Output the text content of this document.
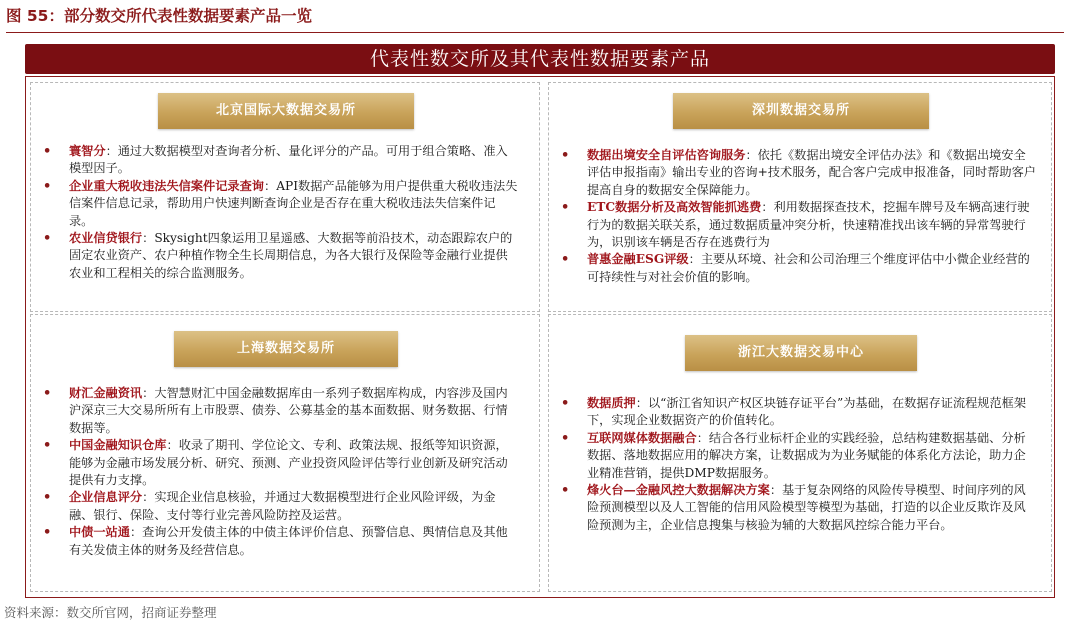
图 55：部分数交所代表性数据要素产品一览
代表性数交所及其代表性数据要素产品
北京国际大数据交易所
• 寰智分：通过大数据模型对查询者分析、量化评分的产品。可用于组合策略、准入模型因子。
• 企业重大税收违法失信案件记录查询：API数据产品能够为用户提供重大税收违法失信案件信息记录，帮助用户快速判断查询企业是否存在重大税收违法失信案件记录。
• 农业信贷银行：Skysight四象运用卫星遥感、大数据等前沿技术，动态跟踪农户的固定农业资产、农户种植作物全生长周期信息，为各大银行及保险等金融行业提供农业和工程相关的综合监测服务。
深圳数据交易所
• 数据出境安全自评估咨询服务：依托《数据出境安全评估办法》和《数据出境安全评估申报指南》输出专业的咨询+技术服务，配合客户完成申报准备，同时帮助客户提高自身的数据安全保障能力。
• ETC数据分析及高效智能抓逃费：利用数据探查技术，挖掘车牌号及车辆高速行驶行为的数据关联关系，通过数据质量冲突分析，快速精准找出该车辆的异常驾驶行为，识别该车辆是否存在逃费行为
• 普惠金融ESG评级：主要从环境、社会和公司治理三个维度评估中小微企业经营的可持续性与对社会价值的影响。
上海数据交易所
• 财汇金融资讯：大智慧财汇中国金融数据库由一系列子数据库构成，内容涉及国内沪深京三大交易所所有上市股票、债券、公募基金的基本面数据、财务数据、行情数据等。
• 中国金融知识仓库：收录了期刊、学位论文、专利、政策法规、报纸等知识资源，能够为金融市场发展分析、研究、预测、产业投资风险评估等行业创新及研究活动提供有力支撑。
• 企业信息评分：实现企业信息核验，并通过大数据模型进行企业风险评级，为金融、银行、保险、支付等行业完善风险防控及运营。
• 中债一站通：查询公开发债主体的中债主体评价信息、预警信息、舆情信息及其他有关发债主体的财务及经营信息。
浙江大数据交易中心
• 数据质押：以“浙江省知识产权区块链存证平台”为基础，在数据存证流程规范框架下，实现企业数据资产的价值转化。
• 互联网媒体数据融合：结合各行业标杆企业的实践经验，总结构建数据基础、分析数据、落地数据应用的解决方案，让数据成为为业务赋能的体系化方法论，助力企业精准营销，提供DMP数据服务。
• 烽火台—金融风控大数据解决方案：基于复杂网络的风险传导模型、时间序列的风险预测模型以及人工智能的信用风险模型等模型为基础，打造的以企业反欺诈及风险预测为主，企业信息搜集与核验为辅的大数据风控综合能力平台。
资料来源：数交所官网，招商证券整理
